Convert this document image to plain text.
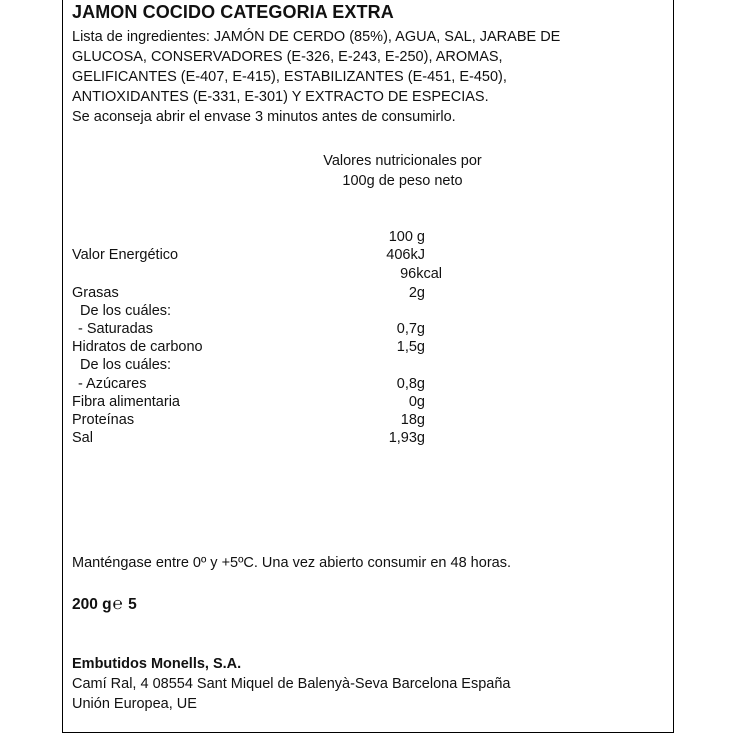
JAMON COCIDO CATEGORIA EXTRA
Lista de ingredientes: JAMÓN DE CERDO (85%), AGUA, SAL, JARABE DE
GLUCOSA, CONSERVADORES (E-326, E-243, E-250), AROMAS,
GELIFICANTES (E-407, E-415), ESTABILIZANTES (E-451, E-450),
ANTIOXIDANTES (E-331, E-301) Y EXTRACTO DE ESPECIAS.
Se aconseja abrir el envase 3 minutos antes de consumirlo.
Valores nutricionales por
100g de peso neto
100 g
Valor Energético	406kJ
96kcal
Grasas	2g
De los cuáles:
- Saturadas	0,7g
Hidratos de carbono	1,5g
De los cuáles:
- Azúcares	0,8g
Fibra alimentaria	0g
Proteínas	18g
Sal	1,93g
Manténgase entre 0º y +5ºC. Una vez abierto consumir en 48 horas.
200 g℮ 5
Embutidos Monells, S.A.
Camí Ral, 4 08554 Sant Miquel de Balenyà-Seva Barcelona España
Unión Europea, UE
